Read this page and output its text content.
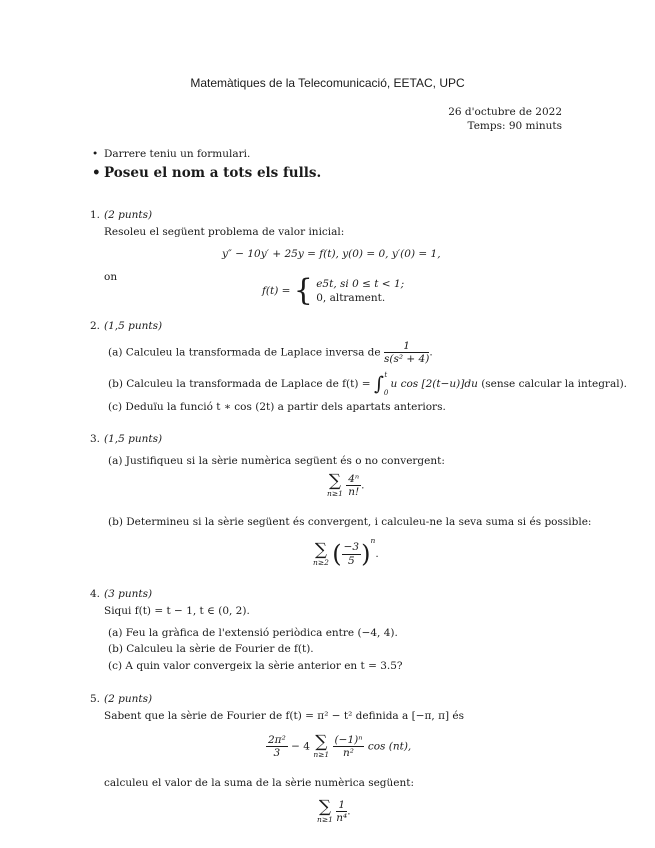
Matemàtiques de la Telecomunicació, EETAC, UPC
26 d'octubre de 2022
Temps: 90 minuts
• Darrere teniu un formulari.
• Poseu el nom a tots els fulls.
1. (2 punts)
Resoleu el següent problema de valor inicial:
y″ − 10y′ + 25y = f(t), y(0) = 0, y′(0) = 1,
on
f(t) = { e5t, si 0 ≤ t < 1;
0, altrament.
2. (1,5 punts)
(a) Calculeu la transformada de Laplace inversa de $\frac{1}{\text{s(s² + 4)}}$ .
(b) Calculeu la transformada de Laplace de $f(t) = \int_0^t$ u cos [2(t−u)]du (sense calcular la integral).
(c) Deduïu la funció t ∗ cos (2t) a partir dels apartats anteriors.
3. (1,5 punts)
(a) Justifiqueu si la sèrie numèrica següent és o no convergent:
∑
n≥1
$\frac{\text{4ⁿ}}{n!}$ .
(b) Determineu si la sèrie següent és convergent, i calculeu-ne la seva suma si és possible:
∑
n≥2 ( $\frac{-3}{5} )^n$.
4. (3 punts)
Siqui f(t) = t − 1, t ∈ (0, 2).
(a) Feu la gràfica de l'extensió periòdica entre (−4, 4).
(b) Calculeu la sèrie de Fourier de f(t).
(c) A quin valor convergeix la sèrie anterior en t = 3.5?
5. (2 punts)
Sabent que la sèrie de Fourier de f(t) = π² − t² definida a [−π, π] és
$\frac{\text{2π²}}{3} - 4$ ∑
n≥1
$\frac{\text{(−1)ⁿ}}{\text{n²}}$ cos (nt),
calculeu el valor de la suma de la sèrie numèrica següent:
∑
n≥1
$\frac{1}{\text{n⁴}}$ .
